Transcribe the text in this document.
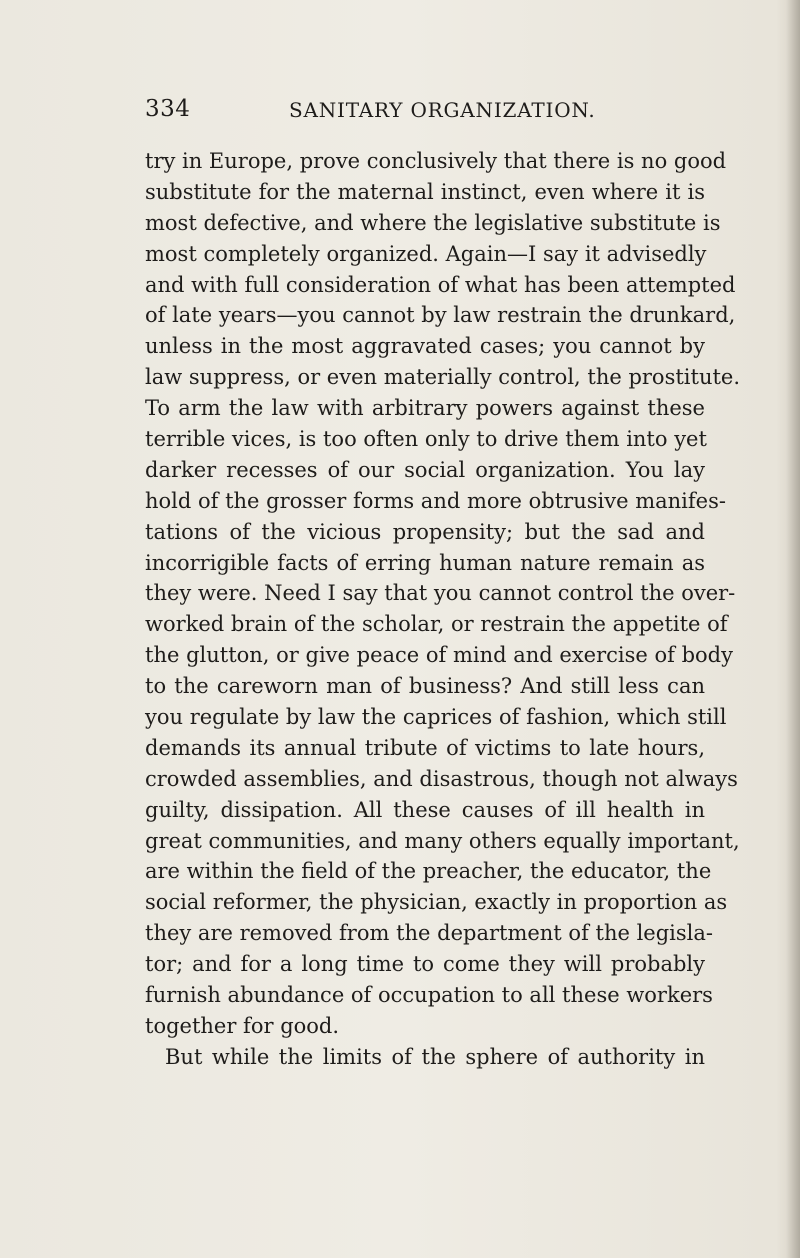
334	SANITARY ORGANIZATION.
try in Europe, prove conclusively that there is no good
substitute for the maternal instinct, even where it is
most defective, and where the legislative substitute is
most completely organized. Again—I say it advisedly
and with full consideration of what has been attempted
of late years—you cannot by law restrain the drunkard,
unless in the most aggravated cases; you cannot by
law suppress, or even materially control, the prostitute.
To arm the law with arbitrary powers against these
terrible vices, is too often only to drive them into yet
darker recesses of our social organization. You lay
hold of the grosser forms and more obtrusive manifes-
tations of the vicious propensity; but the sad and
incorrigible facts of erring human nature remain as
they were. Need I say that you cannot control the over-
worked brain of the scholar, or restrain the appetite of
the glutton, or give peace of mind and exercise of body
to the careworn man of business? And still less can
you regulate by law the caprices of fashion, which still
demands its annual tribute of victims to late hours,
crowded assemblies, and disastrous, though not always
guilty, dissipation. All these causes of ill health in
great communities, and many others equally important,
are within the field of the preacher, the educator, the
social reformer, the physician, exactly in proportion as
they are removed from the department of the legisla-
tor; and for a long time to come they will probably
furnish abundance of occupation to all these workers
together for good.
But while the limits of the sphere of authority in
